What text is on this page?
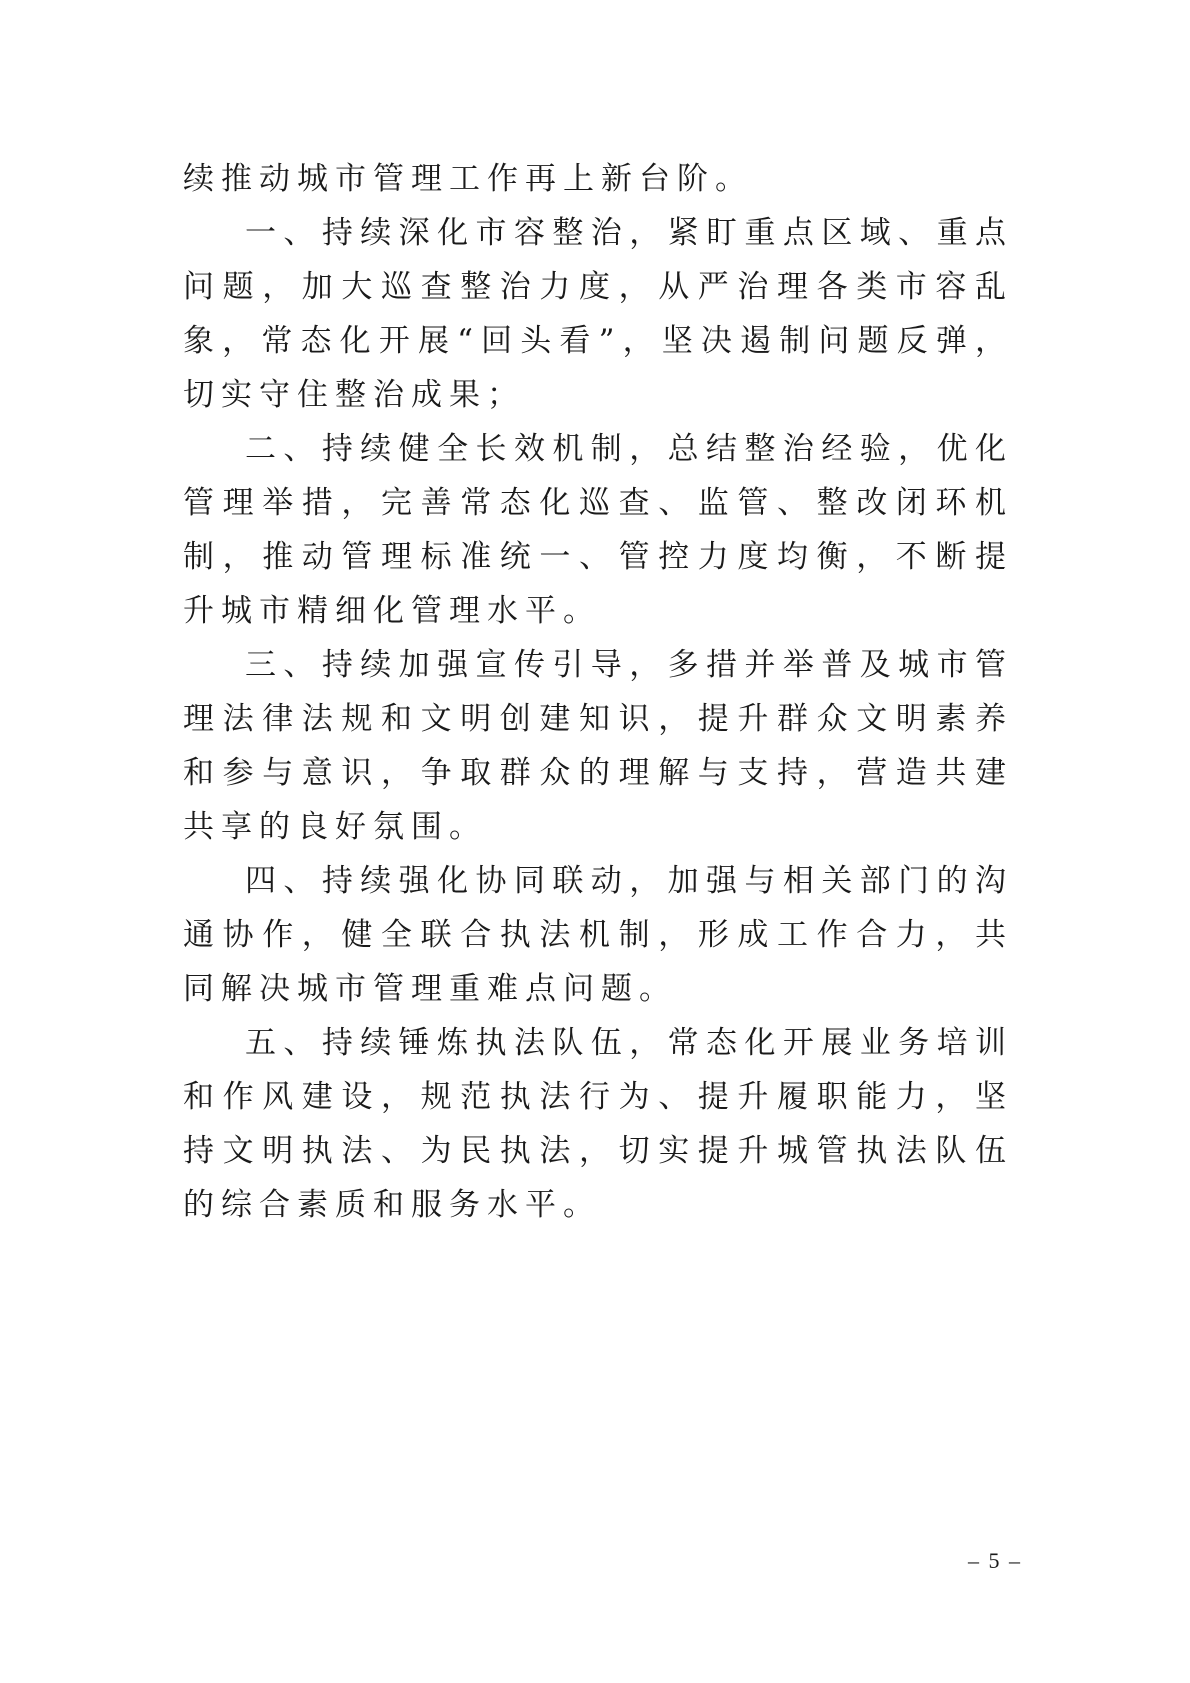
续推动城市管理工作再上新台阶。

一、持续深化市容整治，紧盯重点区域、重点问题，加大巡查整治力度，从严治理各类市容乱象，常态化开展“回头看”，坚决遏制问题反弹，切实守住整治成果；

二、持续健全长效机制，总结整治经验，优化管理举措，完善常态化巡查、监管、整改闭环机制，推动管理标准统一、管控力度均衡，不断提升城市精细化管理水平。

三、持续加强宣传引导，多措并举普及城市管理法律法规和文明创建知识，提升群众文明素养和参与意识，争取群众的理解与支持，营造共建共享的良好氛围。

四、持续强化协同联动，加强与相关部门的沟通协作，健全联合执法机制，形成工作合力，共同解决城市管理重难点问题。

五、持续锤炼执法队伍，常态化开展业务培训和作风建设，规范执法行为、提升履职能力，坚持文明执法、为民执法，切实提升城管执法队伍的综合素质和服务水平。

– 5 –
